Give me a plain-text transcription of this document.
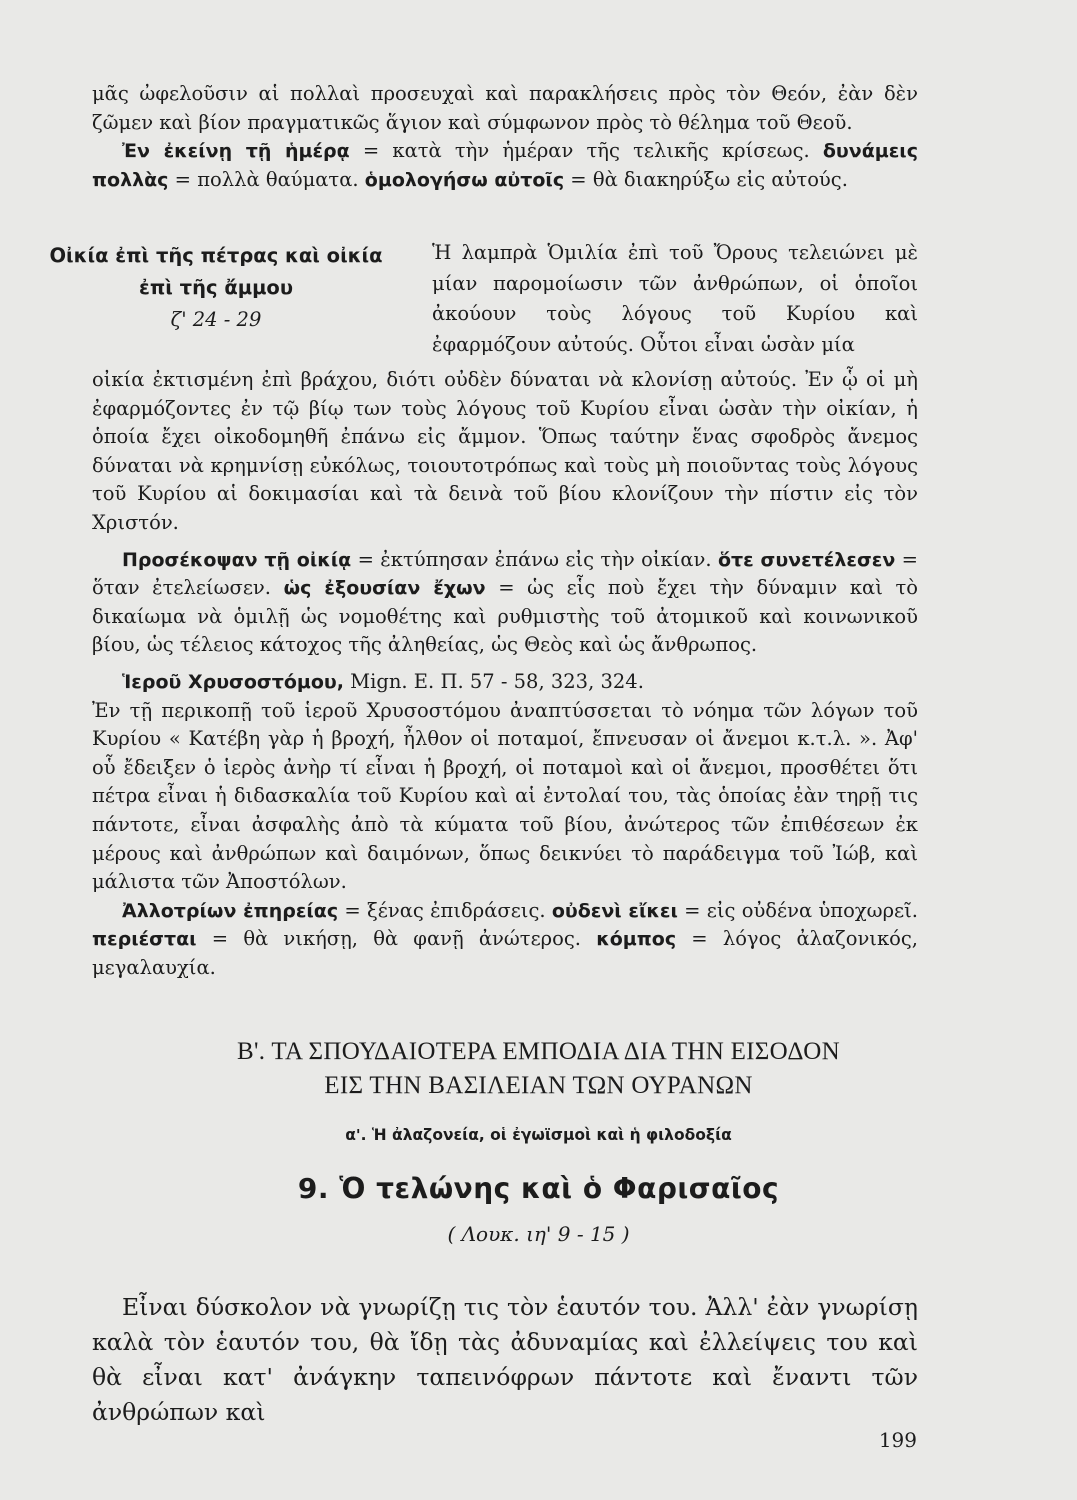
μᾶς ὠφελοῦσιν αἱ πολλαὶ προσευχαὶ καὶ παρακλήσεις πρὸς τὸν Θεόν, ἐὰν δὲν ζῶμεν καὶ βίον πραγματικῶς ἅγιον καὶ σύμφωνον πρὸς τὸ θέλημα τοῦ Θεοῦ.

Ἐν ἐκείνῃ τῇ ἡμέρᾳ = κατὰ τὴν ἡμέραν τῆς τελικῆς κρίσεως. δυνάμεις πολλὰς = πολλὰ θαύματα. ὁμολογήσω αὐτοῖς = θὰ διακηρύξω εἰς αὐτούς.

Οἰκία ἐπὶ τῆς πέτρας καὶ οἰκία
ἐπὶ τῆς ἄμμου
ζ' 24 - 29
Ἡ λαμπρὰ Ὁμιλία ἐπὶ τοῦ Ὄρους τελειώνει μὲ μίαν παρομοίωσιν τῶν ἀνθρώπων, οἱ ὁποῖοι ἀκούουν τοὺς λόγους τοῦ Κυρίου καὶ ἐφαρμόζουν αὐτούς. Οὗτοι εἶναι ὡσὰν μία

οἰκία ἐκτισμένη ἐπὶ βράχου, διότι οὐδὲν δύναται νὰ κλονίσῃ αὐτούς. Ἐν ᾧ οἱ μὴ ἐφαρμόζοντες ἐν τῷ βίῳ των τοὺς λόγους τοῦ Κυρίου εἶναι ὡσὰν τὴν οἰκίαν, ἡ ὁποία ἔχει οἰκοδομηθῆ ἐπάνω εἰς ἄμμον. Ὅπως ταύτην ἕνας σφοδρὸς ἄνεμος δύναται νὰ κρημνίσῃ εὐκόλως, τοιουτοτρόπως καὶ τοὺς μὴ ποιοῦντας τοὺς λόγους τοῦ Κυρίου αἱ δοκιμασίαι καὶ τὰ δεινὰ τοῦ βίου κλονίζουν τὴν πίστιν εἰς τὸν Χριστόν.

Προσέκοψαν τῇ οἰκίᾳ = ἐκτύπησαν ἐπάνω εἰς τὴν οἰκίαν. ὅτε συνετέλεσεν = ὅταν ἐτελείωσεν. ὡς ἐξουσίαν ἔχων = ὡς εἷς ποὺ ἔχει τὴν δύναμιν καὶ τὸ δικαίωμα νὰ ὁμιλῇ ὡς νομοθέτης καὶ ρυθμιστὴς τοῦ ἀτομικοῦ καὶ κοινωνικοῦ βίου, ὡς τέλειος κάτοχος τῆς ἀληθείας, ὡς Θεὸς καὶ ὡς ἄνθρωπος.

Ἱεροῦ Χρυσοστόμου, Mign. E. Π. 57 - 58, 323, 324.

Ἐν τῇ περικοπῇ τοῦ ἱεροῦ Χρυσοστόμου ἀναπτύσσεται τὸ νόημα τῶν λόγων τοῦ Κυρίου « Κατέβη γὰρ ἡ βροχή, ἦλθον οἱ ποταμοί, ἔπνευσαν οἱ ἄνεμοι κ.τ.λ. ». Ἀφ' οὗ ἔδειξεν ὁ ἱερὸς ἀνὴρ τί εἶναι ἡ βροχή, οἱ ποταμοὶ καὶ οἱ ἄνεμοι, προσθέτει ὅτι πέτρα εἶναι ἡ διδασκαλία τοῦ Κυρίου καὶ αἱ ἐντολαί του, τὰς ὁποίας ἐὰν τηρῇ τις πάντοτε, εἶναι ἀσφαλὴς ἀπὸ τὰ κύματα τοῦ βίου, ἀνώτερος τῶν ἐπιθέσεων ἐκ μέρους καὶ ἀνθρώπων καὶ δαιμόνων, ὅπως δεικνύει τὸ παράδειγμα τοῦ Ἰώβ, καὶ μάλιστα τῶν Ἀποστόλων.

Ἀλλοτρίων ἐπηρείας = ξένας ἐπιδράσεις. οὐδενὶ εἴκει = εἰς οὐδένα ὑποχωρεῖ. περιέσται = θὰ νικήσῃ, θὰ φανῇ ἀνώτερος. κόμπος = λόγος ἀλαζονικός, μεγαλαυχία.

Β'. ΤΑ ΣΠΟΥΔΑΙΟΤΕΡΑ ΕΜΠΟΔΙΑ ΔΙΑ ΤΗΝ ΕΙΣΟΔΟΝ
ΕΙΣ ΤΗΝ ΒΑΣΙΛΕΙΑΝ ΤΩΝ ΟΥΡΑΝΩΝ
α'. Ἡ ἀλαζονεία, οἱ ἐγωϊσμοὶ καὶ ἡ φιλοδοξία
9. Ὁ τελώνης καὶ ὁ Φαρισαῖος
( Λουκ. ιη' 9 - 15 )

Εἶναι δύσκολον νὰ γνωρίζῃ τις τὸν ἑαυτόν του. Ἀλλ' ἐὰν γνωρίσῃ καλὰ τὸν ἑαυτόν του, θὰ ἴδῃ τὰς ἀδυναμίας καὶ ἐλλείψεις του καὶ θὰ εἶναι κατ' ἀνάγκην ταπεινόφρων πάντοτε καὶ ἔναντι τῶν ἀνθρώπων καὶ

199
